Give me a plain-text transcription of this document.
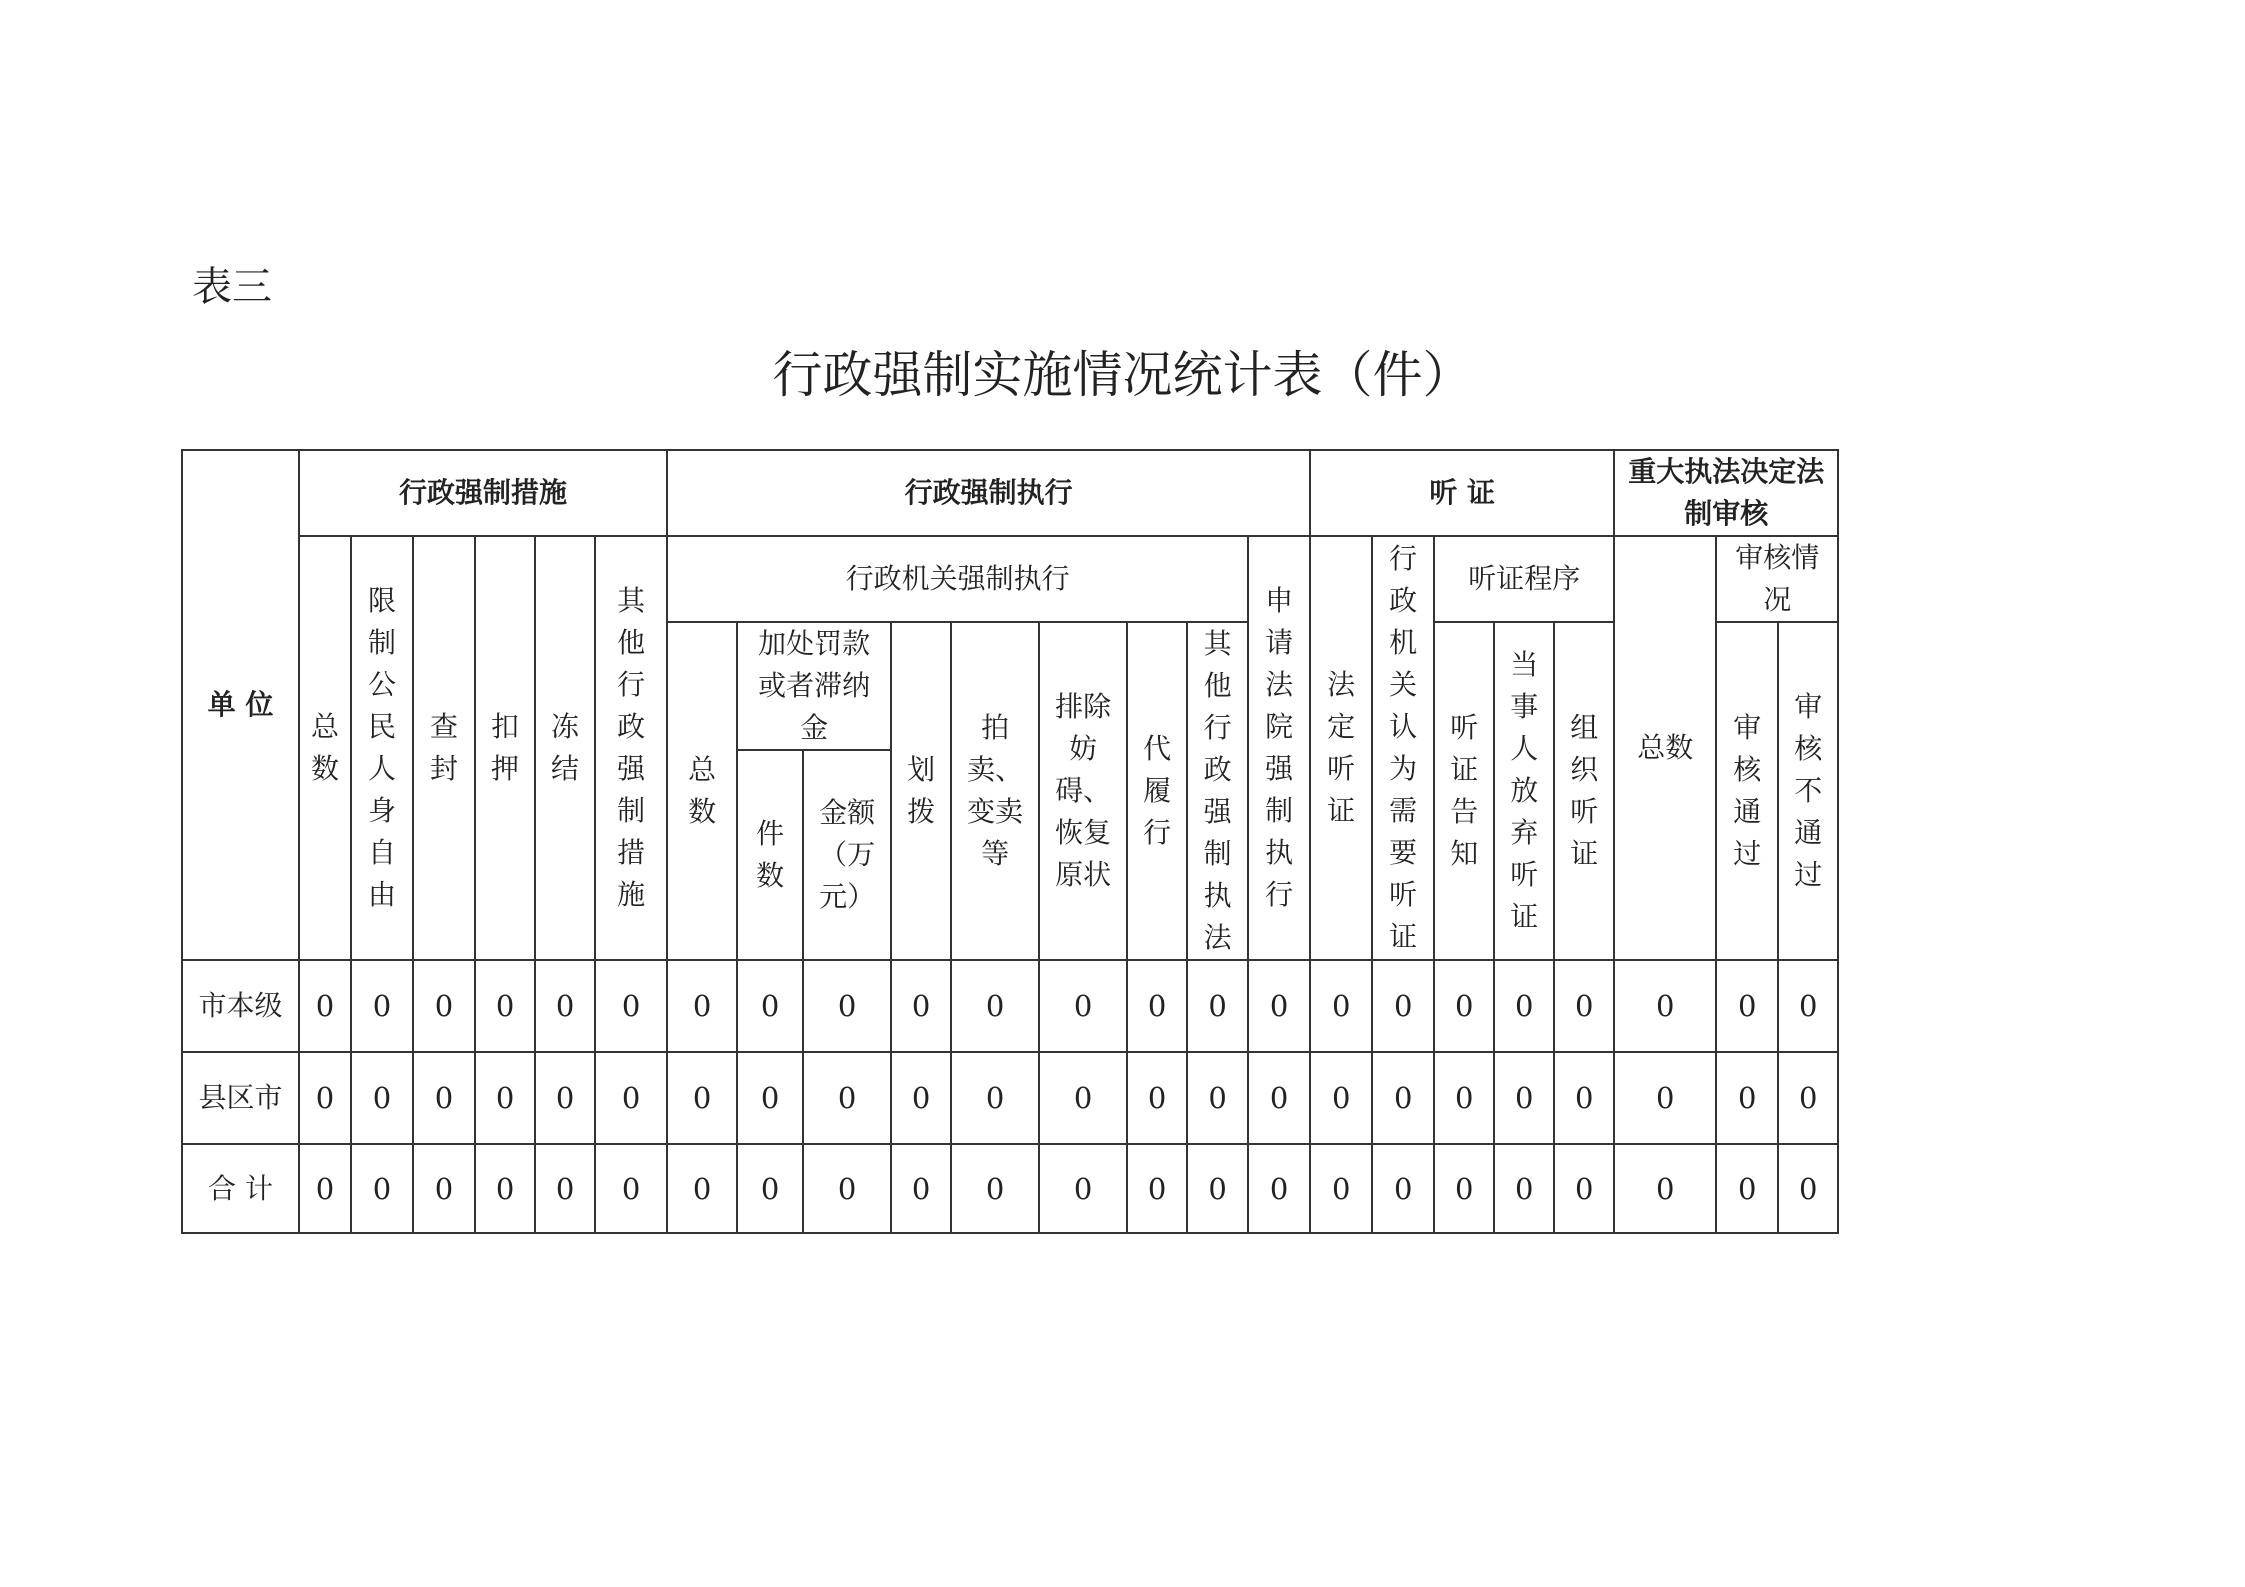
表三
行政强制实施情况统计表（件）
单 位	行政强制措施						行政强制执行									听 证					重大执法决定法制审核		
	总数	限制公民人身自由	查封	扣押	冻结	其他行政强制措施	行政机关强制执行								申请法院强制执行	法定听证	行政机关认为需要听证	听证程序			总数	审核情况	
							总数	加处罚款或者滞纳金		划拨	拍卖、变卖等	排除妨碍、恢复原状	代履行	其他行政强制执法				听证告知	当事人放弃听证	组织听证		审核通过	审核不通过
								件数	金额（万元）														

市本级	0	0	0	0	0	0	0	0	0	0	0	0	0	0	0	0	0	0	0	0	0	0	0
县区市	0	0	0	0	0	0	0	0	0	0	0	0	0	0	0	0	0	0	0	0	0	0	0
合 计	0	0	0	0	0	0	0	0	0	0	0	0	0	0	0	0	0	0	0	0	0	0	0
